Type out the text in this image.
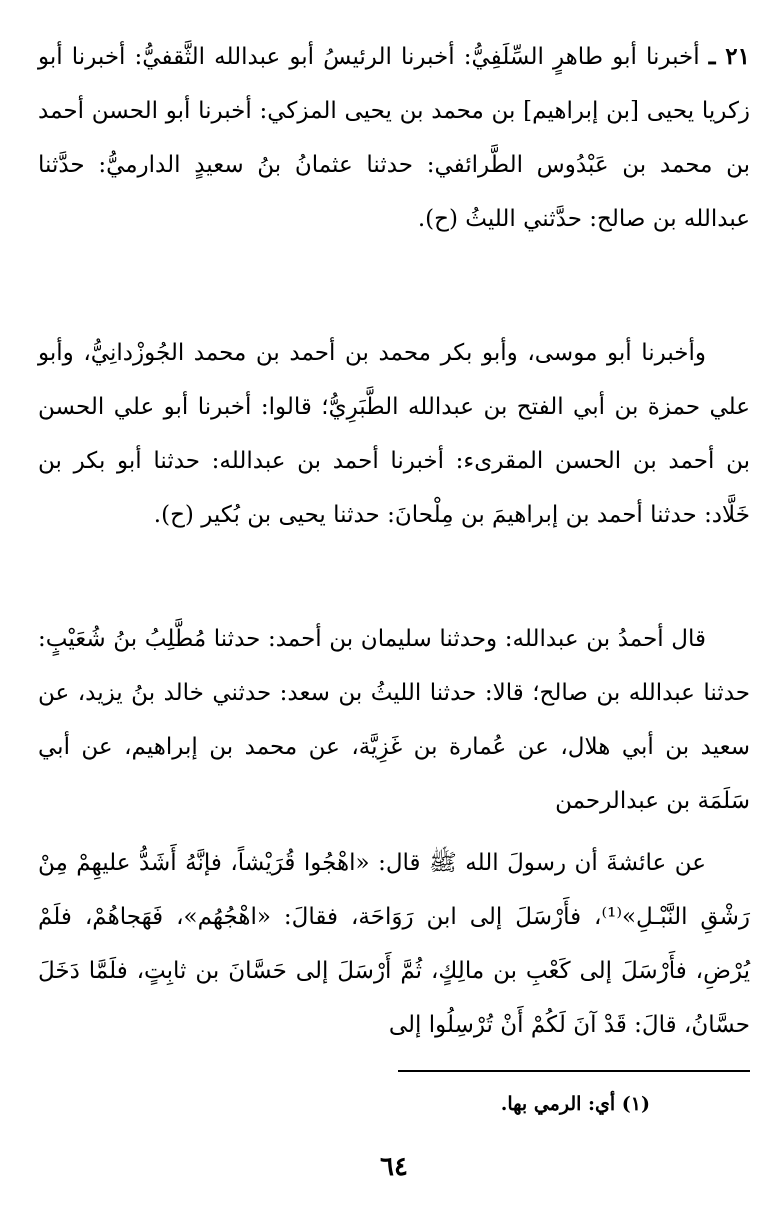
٢١ ـ أخبرنا أبو طاهرٍ السِّلَفِيُّ: أخبرنا الرئيسُ أبو عبدالله الثَّقفيُّ: أخبرنا أبو زكريا يحيى [بن إبراهيم] بن محمد بن يحيى المزكي: أخبرنا أبو الحسن أحمد بن محمد بن عَبْدُوس الطَّرائفي: حدثنا عثمانُ بنُ سعيدٍ الدارميُّ: حدَّثنا عبدالله بن صالح: حدَّثني الليثُ (ح).

وأخبرنا أبو موسى، وأبو بكر محمد بن أحمد بن محمد الجُوزْدانِيُّ، وأبو علي حمزة بن أبي الفتح بن عبدالله الطَّبَرِيُّ؛ قالوا: أخبرنا أبو علي الحسن بن أحمد بن الحسن المقرىء: أخبرنا أحمد بن عبدالله: حدثنا أبو بكر بن خَلَّاد: حدثنا أحمد بن إبراهيمَ بن مِلْحانَ: حدثنا يحيى بن بُكير (ح).

قال أحمدُ بن عبدالله: وحدثنا سليمان بن أحمد: حدثنا مُطَّلِبُ بنُ شُعَيْبٍ: حدثنا عبدالله بن صالح؛ قالا: حدثنا الليثُ بن سعد: حدثني خالد بنُ يزيد، عن سعيد بن أبي هلال، عن عُمارة بن غَزِيَّة، عن محمد بن إبراهيم، عن أبي سَلَمَة بن عبدالرحمن

عن عائشةَ أن رسولَ الله ﷺ قال: «اهْجُوا قُرَيْشاً، فإنَّهُ أَشَدُّ عليهِمْ مِنْ رَشْقِ النَّبْـلِ»⁽¹⁾، فأَرْسَلَ إلى ابن رَوَاحَة، فقالَ: «اهْجُهُم»، فَهَجاهُمْ، فلَمْ يُرْضِ، فأَرْسَلَ إلى كَعْبِ بن مالِكٍ، ثُمَّ أَرْسَلَ إلى حَسَّانَ بن ثابِتٍ، فلَمَّا دَخَلَ حسَّانُ، قالَ: قَدْ آنَ لَكُمْ أَنْ تُرْسِلُوا إلى

(١) أي: الرمي بها.

٦٤
